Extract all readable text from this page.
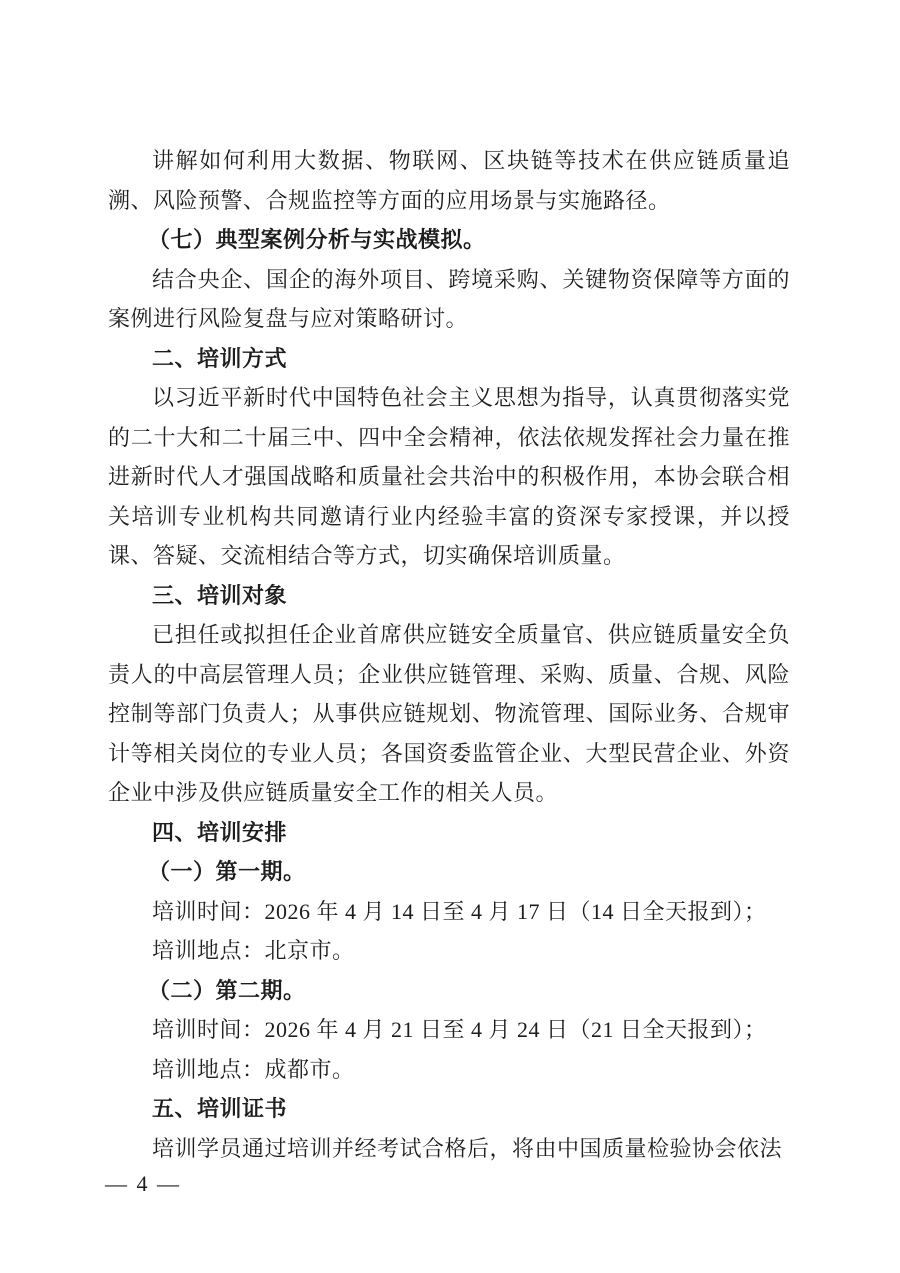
讲解如何利用大数据、物联网、区块链等技术在供应链质量追溯、风险预警、合规监控等方面的应用场景与实施路径。

（七）典型案例分析与实战模拟。

结合央企、国企的海外项目、跨境采购、关键物资保障等方面的案例进行风险复盘与应对策略研讨。

二、培训方式

以习近平新时代中国特色社会主义思想为指导，认真贯彻落实党的二十大和二十届三中、四中全会精神，依法依规发挥社会力量在推进新时代人才强国战略和质量社会共治中的积极作用，本协会联合相关培训专业机构共同邀请行业内经验丰富的资深专家授课，并以授课、答疑、交流相结合等方式，切实确保培训质量。

三、培训对象

已担任或拟担任企业首席供应链安全质量官、供应链质量安全负责人的中高层管理人员；企业供应链管理、采购、质量、合规、风险控制等部门负责人；从事供应链规划、物流管理、国际业务、合规审计等相关岗位的专业人员；各国资委监管企业、大型民营企业、外资企业中涉及供应链质量安全工作的相关人员。

四、培训安排

（一）第一期。

培训时间：2026 年 4 月 14 日至 4 月 17 日（14 日全天报到）；

培训地点：北京市。

（二）第二期。

培训时间：2026 年 4 月 21 日至 4 月 24 日（21 日全天报到）；

培训地点：成都市。

五、培训证书

培训学员通过培训并经考试合格后，将由中国质量检验协会依法

— 4 —
